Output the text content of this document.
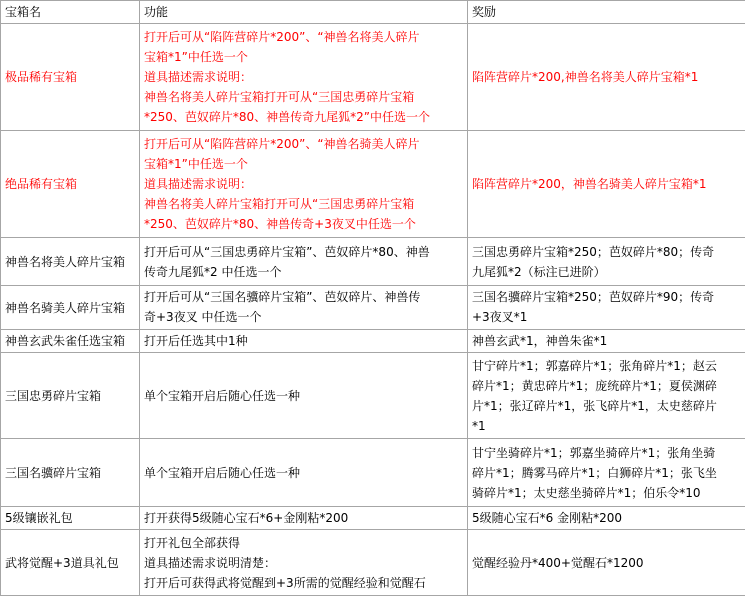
宝箱名	功能	奖励
极品稀有宝箱	打开后可从“陷阵营碎片*200”、“神兽名将美人碎片
宝箱*1”中任选一个
道具描述需求说明：
神兽名将美人碎片宝箱打开可从“三国忠勇碎片宝箱
*250、芭奴碎片*80、神兽传奇九尾狐*2”中任选一个	陷阵营碎片*200,神兽名将美人碎片宝箱*1
绝品稀有宝箱	打开后可从“陷阵营碎片*200”、“神兽名骑美人碎片
宝箱*1”中任选一个
道具描述需求说明：
神兽名将美人碎片宝箱打开可从“三国忠勇碎片宝箱
*250、芭奴碎片*80、神兽传奇+3夜叉中任选一个	陷阵营碎片*200，神兽名骑美人碎片宝箱*1
神兽名将美人碎片宝箱	打开后可从“三国忠勇碎片宝箱”、芭奴碎片*80、神兽
传奇九尾狐*2 中任选一个	三国忠勇碎片宝箱*250；芭奴碎片*80；传奇
九尾狐*2（标注已进阶）

神兽名骑美人碎片宝箱	打开后可从“三国名骥碎片宝箱”、芭奴碎片、神兽传
奇+3夜叉 中任选一个	三国名骥碎片宝箱*250；芭奴碎片*90；传奇
+3夜叉*1

神兽玄武朱雀任选宝箱	打开后任选其中1种	神兽玄武*1，神兽朱雀*1
三国忠勇碎片宝箱	单个宝箱开启后随心任选一种	甘宁碎片*1；郭嘉碎片*1；张角碎片*1；赵云
碎片*1；黄忠碎片*1；庞统碎片*1；夏侯渊碎
片*1；张辽碎片*1，张飞碎片*1，太史慈碎片
*1

三国名骥碎片宝箱	单个宝箱开启后随心任选一种	甘宁坐骑碎片*1；郭嘉坐骑碎片*1；张角坐骑
碎片*1；腾雾马碎片*1；白狮碎片*1；张飞坐
骑碎片*1；太史慈坐骑碎片*1；伯乐令*10

5级镶嵌礼包	打开获得5级随心宝石*6+金刚粘*200	5级随心宝石*6 金刚粘*200
武将觉醒+3道具礼包	打开礼包全部获得
道具描述需求说明清楚：
打开后可获得武将觉醒到+3所需的觉醒经验和觉醒石	觉醒经验丹*400+觉醒石*1200
